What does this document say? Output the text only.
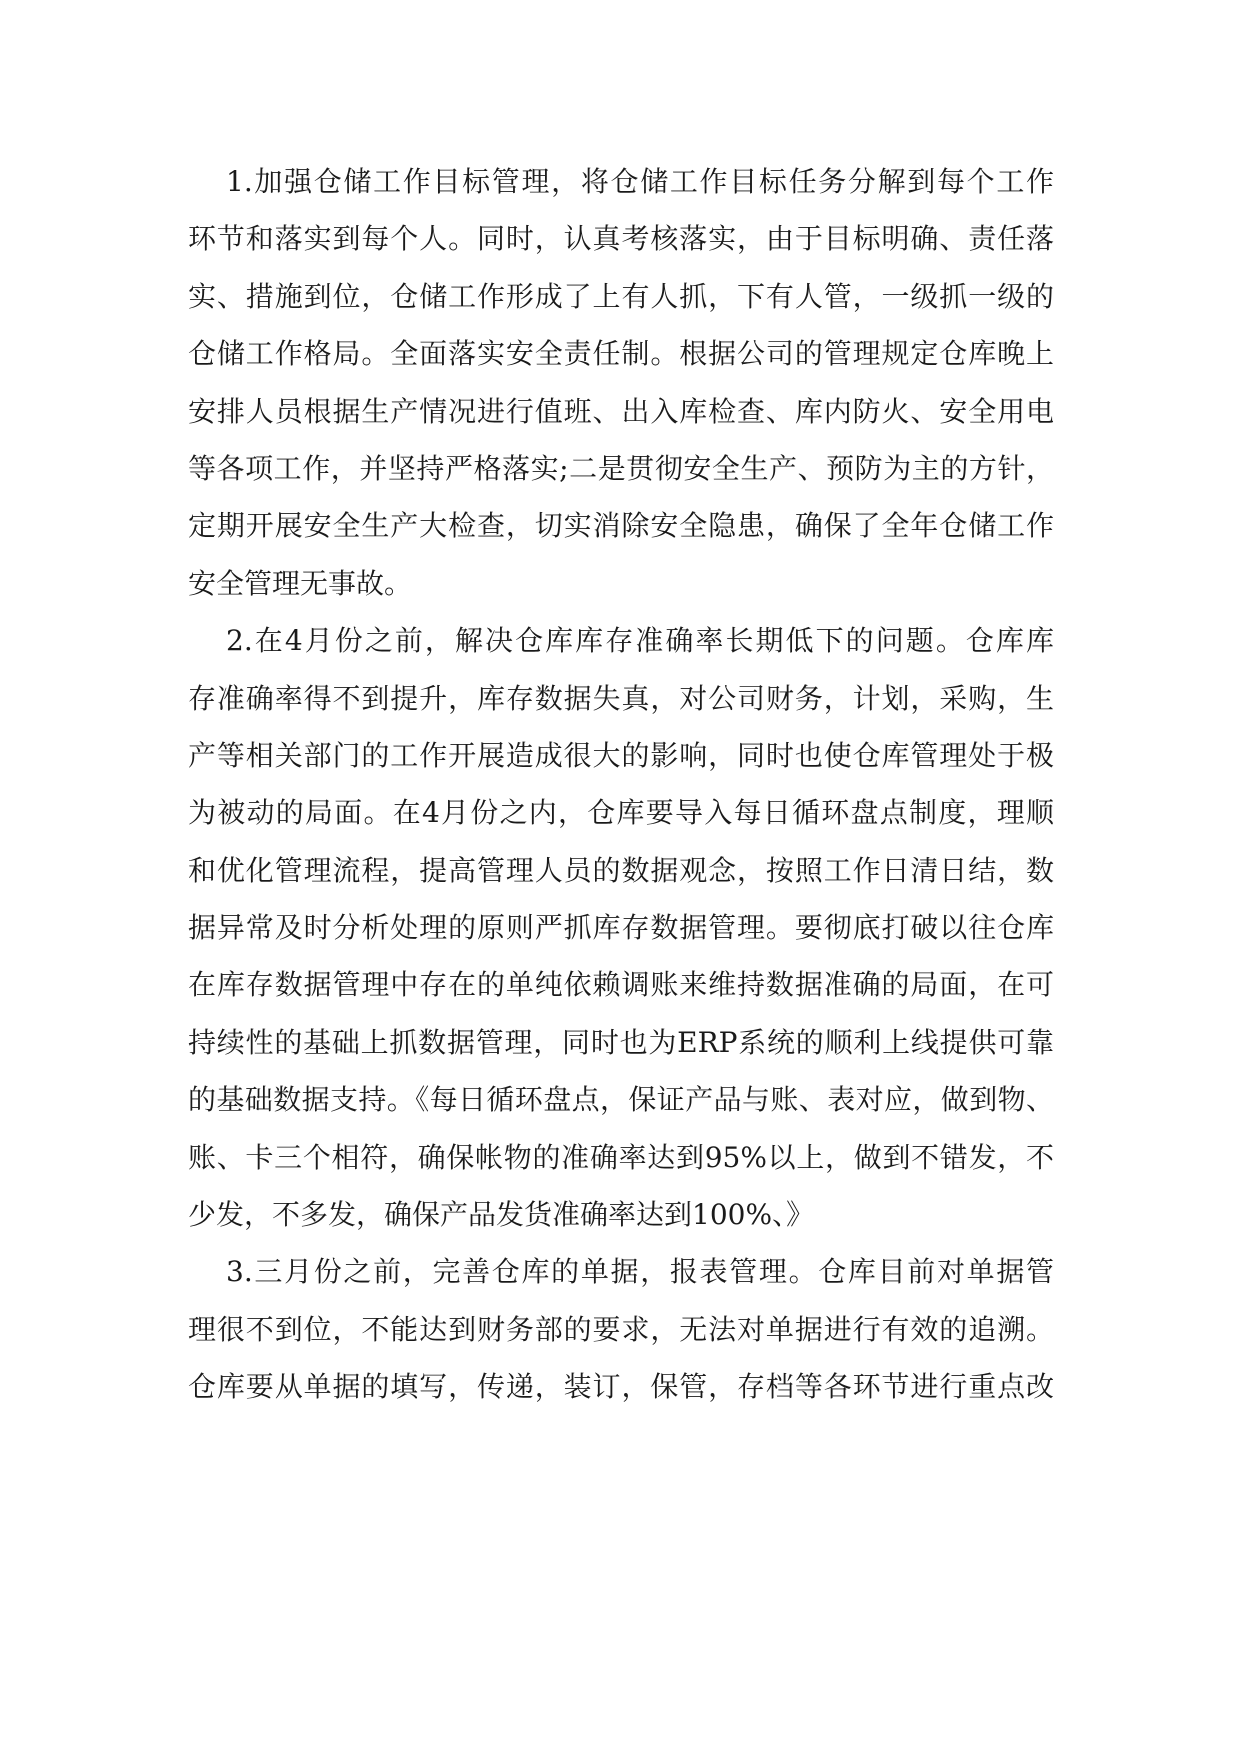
1.加强仓储工作目标管理，将仓储工作目标任务分解到每个工作
环节和落实到每个人。同时，认真考核落实，由于目标明确、责任落
实、措施到位，仓储工作形成了上有人抓，下有人管，一级抓一级的
仓储工作格局。全面落实安全责任制。根据公司的管理规定仓库晚上
安排人员根据生产情况进行值班、出入库检查、库内防火、安全用电
等各项工作，并坚持严格落实;二是贯彻安全生产、预防为主的方针，
定期开展安全生产大检查，切实消除安全隐患，确保了全年仓储工作
安全管理无事故。
2.在4月份之前，解决仓库库存准确率长期低下的问题。仓库库
存准确率得不到提升，库存数据失真，对公司财务，计划，采购，生
产等相关部门的工作开展造成很大的影响，同时也使仓库管理处于极
为被动的局面。在4月份之内，仓库要导入每日循环盘点制度，理顺
和优化管理流程，提高管理人员的数据观念，按照工作日清日结，数
据异常及时分析处理的原则严抓库存数据管理。要彻底打破以往仓库
在库存数据管理中存在的单纯依赖调账来维持数据准确的局面，在可
持续性的基础上抓数据管理，同时也为ERP系统的顺利上线提供可靠
的基础数据支持。《每日循环盘点，保证产品与账、表对应，做到物、
账、卡三个相符，确保帐物的准确率达到95%以上，做到不错发，不
少发，不多发，确保产品发货准确率达到100%、》
3.三月份之前，完善仓库的单据，报表管理。仓库目前对单据管
理很不到位，不能达到财务部的要求，无法对单据进行有效的追溯。
仓库要从单据的填写，传递，装订，保管，存档等各环节进行重点改
